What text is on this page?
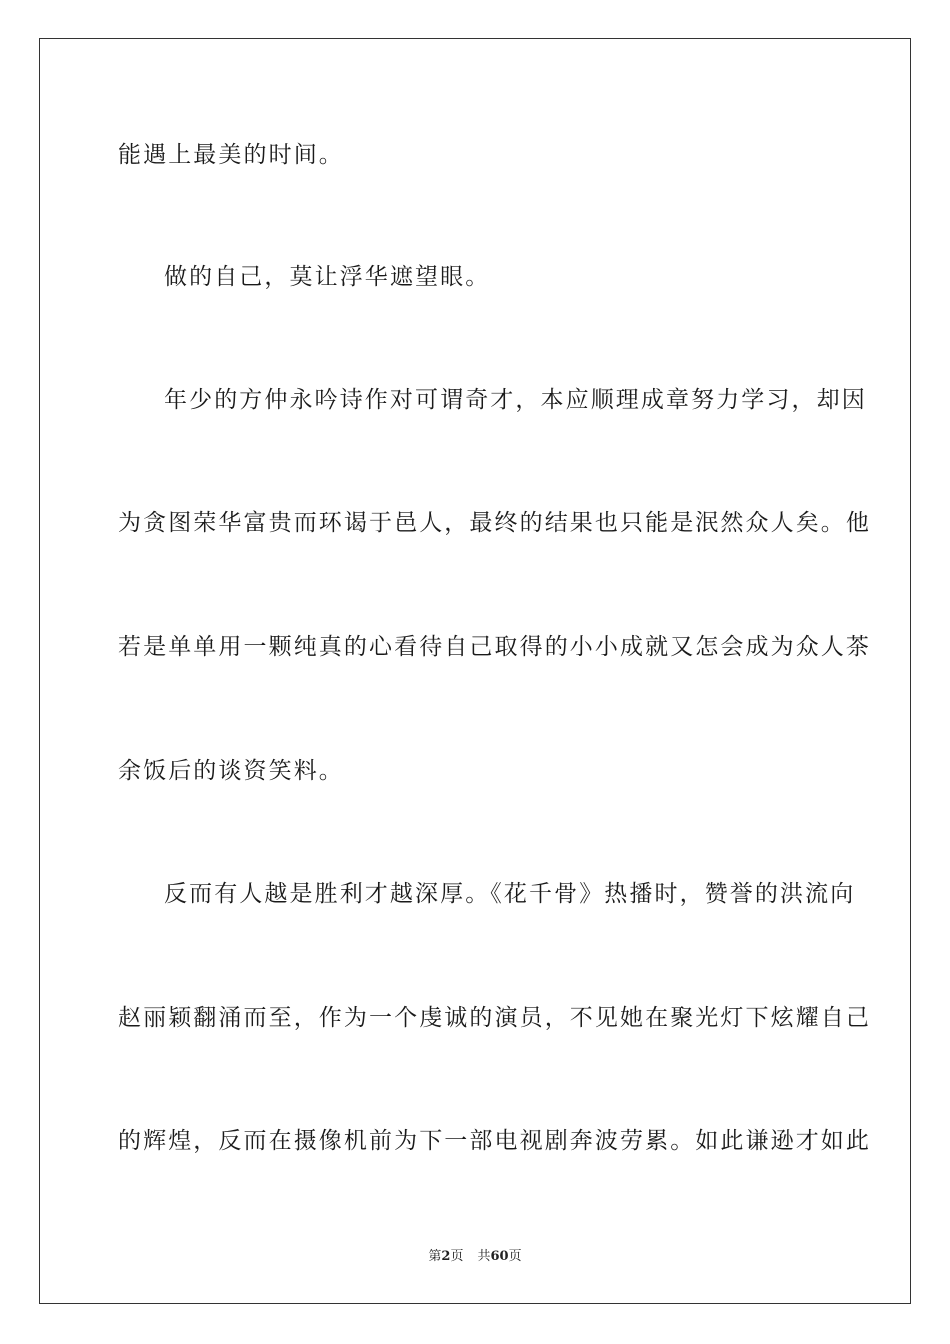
能遇上最美的时间。
做的自己，莫让浮华遮望眼。
年少的方仲永吟诗作对可谓奇才，本应顺理成章努力学习，却因
为贪图荣华富贵而环谒于邑人，最终的结果也只能是泯然众人矣。他
若是单单用一颗纯真的心看待自己取得的小小成就又怎会成为众人茶
余饭后的谈资笑料。
反而有人越是胜利才越深厚。《花千骨》热播时，赞誉的洪流向
赵丽颖翻涌而至，作为一个虔诚的演员，不见她在聚光灯下炫耀自己
的辉煌，反而在摄像机前为下一部电视剧奔波劳累。如此谦逊才如此
第2页 共60页
